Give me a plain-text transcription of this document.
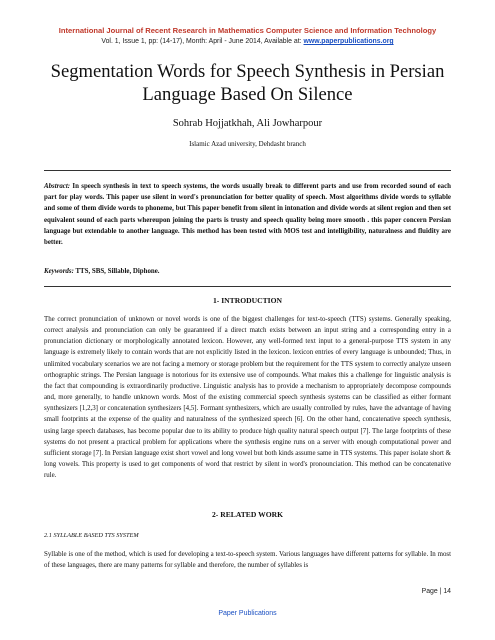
International Journal of Recent Research in Mathematics Computer Science and Information Technology
Vol. 1, Issue 1, pp: (14-17), Month: April - June 2014, Available at: www.paperpublications.org
Segmentation Words for Speech Synthesis in Persian Language Based On Silence
Sohrab Hojjatkhah, Ali Jowharpour
Islamic Azad university, Dehdasht branch
Abstract: In speech synthesis in text to speech systems, the words usually break to different parts and use from recorded sound of each part for play words. This paper use silent in word's pronunciation for better quality of speech. Most algorithms divide words to syllable and some of them divide words to phoneme, but This paper benefit from silent in intonation and divide words at silent region and then set equivalent sound of each parts whereupon joining the parts is trusty and speech quality being more smooth . this paper concern Persian language but extendable to another language. This method has been tested with MOS test and intelligibility, naturalness and fluidity are better.
Keywords: TTS, SBS, Sillable, Diphone.
1- INTRODUCTION
The correct pronunciation of unknown or novel words is one of the biggest challenges for text-to-speech (TTS) systems. Generally speaking, correct analysis and pronunciation can only be guaranteed if a direct match exists between an input string and a corresponding entry in a pronunciation dictionary or morphologically annotated lexicon. However, any well-formed text input to a general-purpose TTS system in any language is extremely likely to contain words that are not explicitly listed in the lexicon. lexicon entries of every language is unbounded; Thus, in unlimited vocabulary scenarios we are not facing a memory or storage problem but the requirement for the TTS system to correctly analyze unseen orthographic strings. The Persian language is notorious for its extensive use of compounds. What makes this a challenge for linguistic analysis is the fact that compounding is extraordinarily productive. Linguistic analysis has to provide a mechanism to appropriately decompose compounds and, more generally, to handle unknown words. Most of the existing commercial speech synthesis systems can be classified as either formant synthesizers [1,2,3] or concatenation synthesizers [4,5]. Formant synthesizers, which are usually controlled by rules, have the advantage of having small footprints at the expense of the quality and naturalness of the synthesized speech [6]. On the other hand, concatenative speech synthesis, using large speech databases, has become popular due to its ability to produce high quality natural speech output [7]. The large footprints of these systems do not present a practical problem for applications where the synthesis engine runs on a server with enough computational power and sufficient storage [7]. In Persian language exist short vowel and long vowel but both kinds assume same in TTS systems. This paper isolate short & long vowels. This property is used to get components of word that restrict by silent in word's pronounciation. This method can be concatenative rule.
2- RELATED WORK
2.1 SYLLABLE BASED TTS SYSTEM
Syllable is one of the method, which is used for developing a text-to-speech system. Various languages have different patterns for syllable. In most of these languages, there are many patterns for syllable and therefore, the number of syllables is
Page | 14
Paper Publications
